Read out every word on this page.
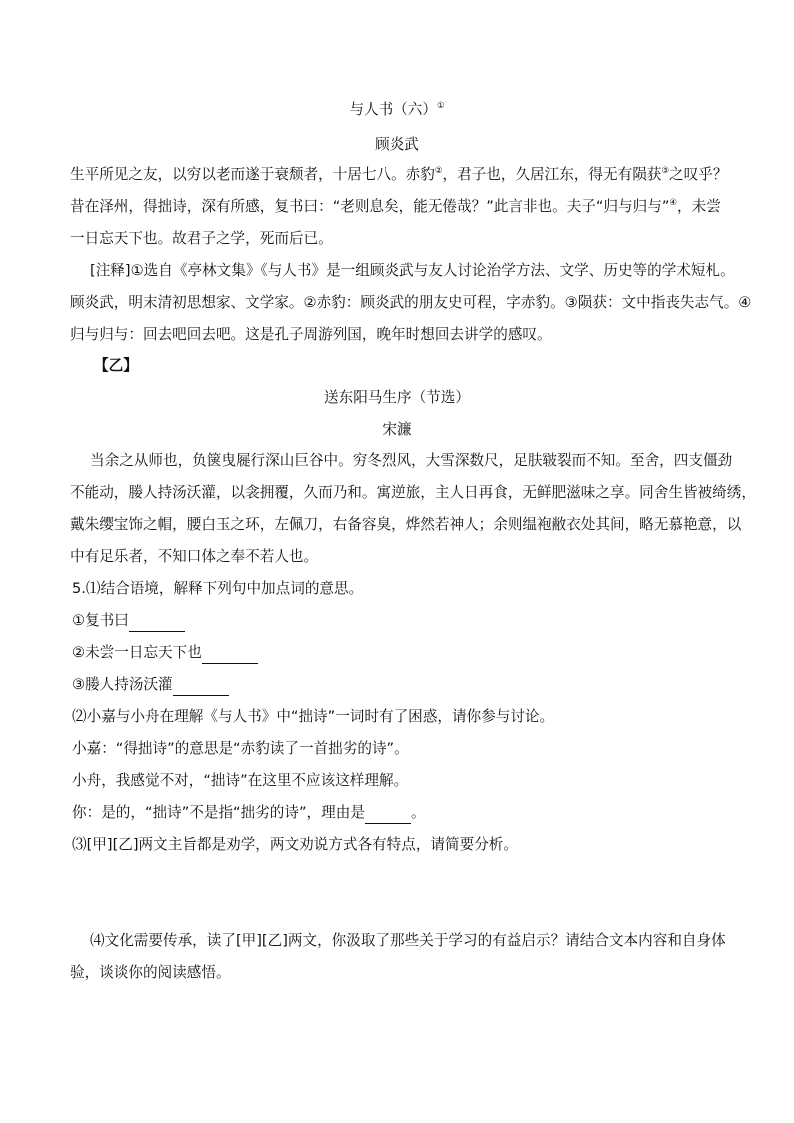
与人书（六）①
顾炎武
生平所见之友，以穷以老而遂于衰颓者，十居七八。赤豹②，君子也，久居江东，得无有陨获③之叹乎？
昔在泽州，得拙诗，深有所感，复书曰：“老则息矣，能无倦哉？”此言非也。夫子“归与归与”④，未尝
一日忘天下也。故君子之学，死而后已。
[注释]①选自《亭林文集》《与人书》是一组顾炎武与友人讨论治学方法、文学、历史等的学术短札。
顾炎武，明末清初思想家、文学家。②赤豹：顾炎武的朋友史可程，字赤豹。③陨获：文中指丧失志气。④
归与归与：回去吧回去吧。这是孔子周游列国，晚年时想回去讲学的感叹。
【乙】
送东阳马生序（节选）
宋濂
当余之从师也，负箧曳屣行深山巨谷中。穷冬烈风，大雪深数尺，足肤皲裂而不知。至舍，四支僵劲
不能动，媵人持汤沃灌，以衾拥覆，久而乃和。寓逆旅，主人日再食，无鲜肥滋味之享。同舍生皆被绮绣，
戴朱缨宝饰之帽，腰白玉之环，左佩刀，右备容臭，烨然若神人；余则缊袍敝衣处其间，略无慕艳意，以
中有足乐者，不知口体之奉不若人也。
5.⑴结合语境，解释下列句中加点词的意思。
①复书曰
②未尝一日忘天下也
③媵人持汤沃灌
⑵小嘉与小舟在理解《与人书》中“拙诗”一词时有了困惑，请你参与讨论。
小嘉：“得拙诗”的意思是“赤豹读了一首拙劣的诗”。
小舟，我感觉不对，“拙诗”在这里不应该这样理解。
你：是的，“拙诗”不是指“拙劣的诗”，理由是	。
⑶[甲][乙]两文主旨都是劝学，两文劝说方式各有特点，请简要分析。
⑷文化需要传承，读了[甲][乙]两文，你汲取了那些关于学习的有益启示？请结合文本内容和自身体
验，谈谈你的阅读感悟。
